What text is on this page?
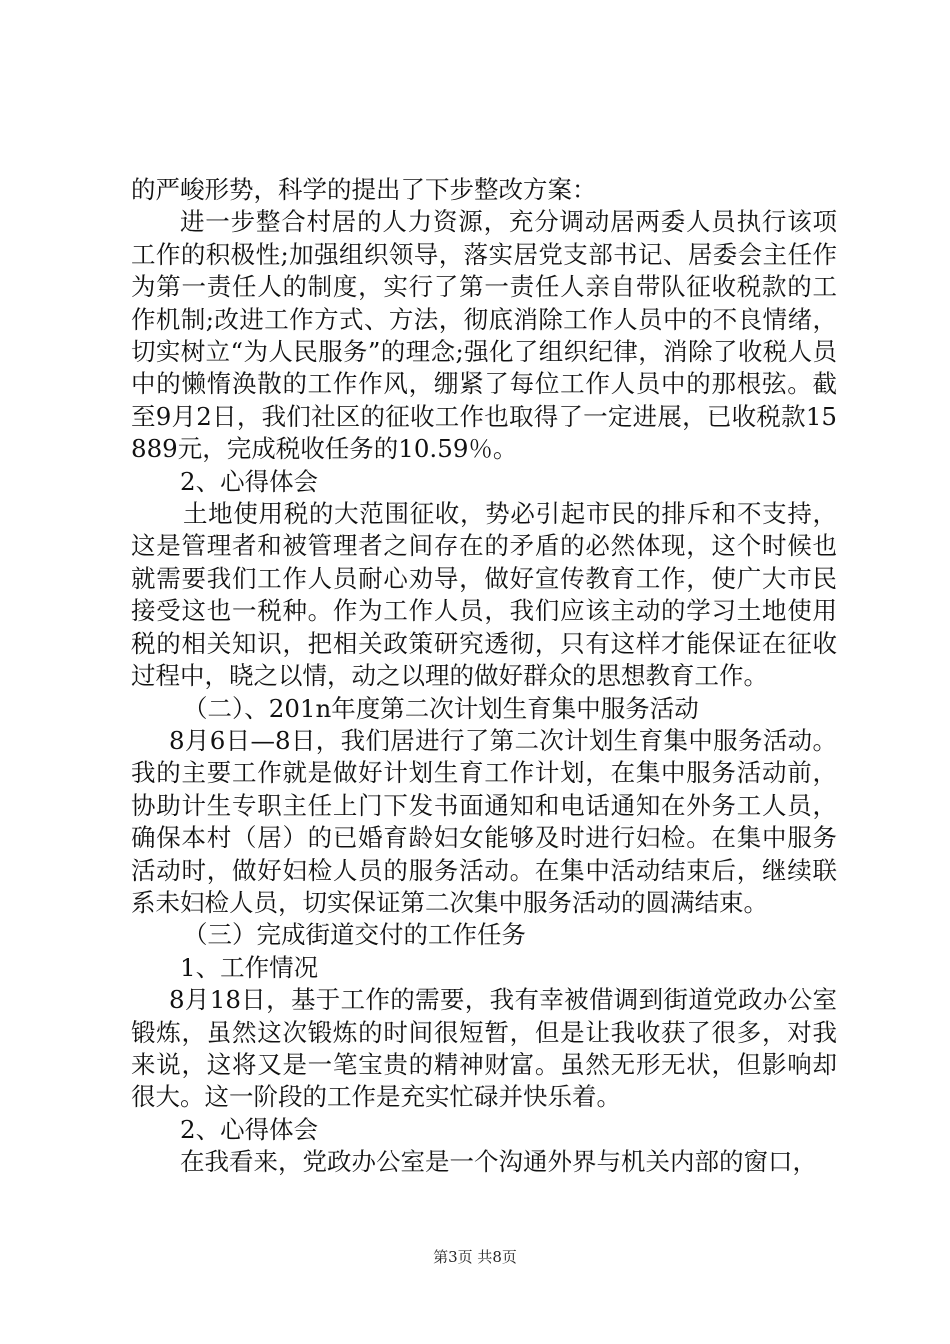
的严峻形势，科学的提出了下步整改方案：

进一步整合村居的人力资源，充分调动居两委人员执行该项工作的积极性;加强组织领导，落实居党支部书记、居委会主任作为第一责任人的制度，实行了第一责任人亲自带队征收税款的工作机制;改进工作方式、方法，彻底消除工作人员中的不良情绪，切实树立“为人民服务”的理念;强化了组织纪律，消除了收税人员中的懒惰涣散的工作作风，绷紧了每位工作人员中的那根弦。截至9月2日，我们社区的征收工作也取得了一定进展，已收税款15889元，完成税收任务的10.59％。

2、心得体会

土地使用税的大范围征收，势必引起市民的排斥和不支持，这是管理者和被管理者之间存在的矛盾的必然体现，这个时候也就需要我们工作人员耐心劝导，做好宣传教育工作，使广大市民接受这也一税种。作为工作人员，我们应该主动的学习土地使用税的相关知识，把相关政策研究透彻，只有这样才能保证在征收过程中，晓之以情，动之以理的做好群众的思想教育工作。

（二）、201n年度第二次计划生育集中服务活动

8月6日—8日，我们居进行了第二次计划生育集中服务活动。我的主要工作就是做好计划生育工作计划，在集中服务活动前，协助计生专职主任上门下发书面通知和电话通知在外务工人员，确保本村（居）的已婚育龄妇女能够及时进行妇检。在集中服务活动时，做好妇检人员的服务活动。在集中活动结束后，继续联系未妇检人员，切实保证第二次集中服务活动的圆满结束。

（三）完成街道交付的工作任务

1、工作情况

8月18日，基于工作的需要，我有幸被借调到街道党政办公室锻炼，虽然这次锻炼的时间很短暂，但是让我收获了很多，对我来说，这将又是一笔宝贵的精神财富。虽然无形无状，但影响却很大。这一阶段的工作是充实忙碌并快乐着。

2、心得体会

在我看来，党政办公室是一个沟通外界与机关内部的窗口，

第3页 共8页
